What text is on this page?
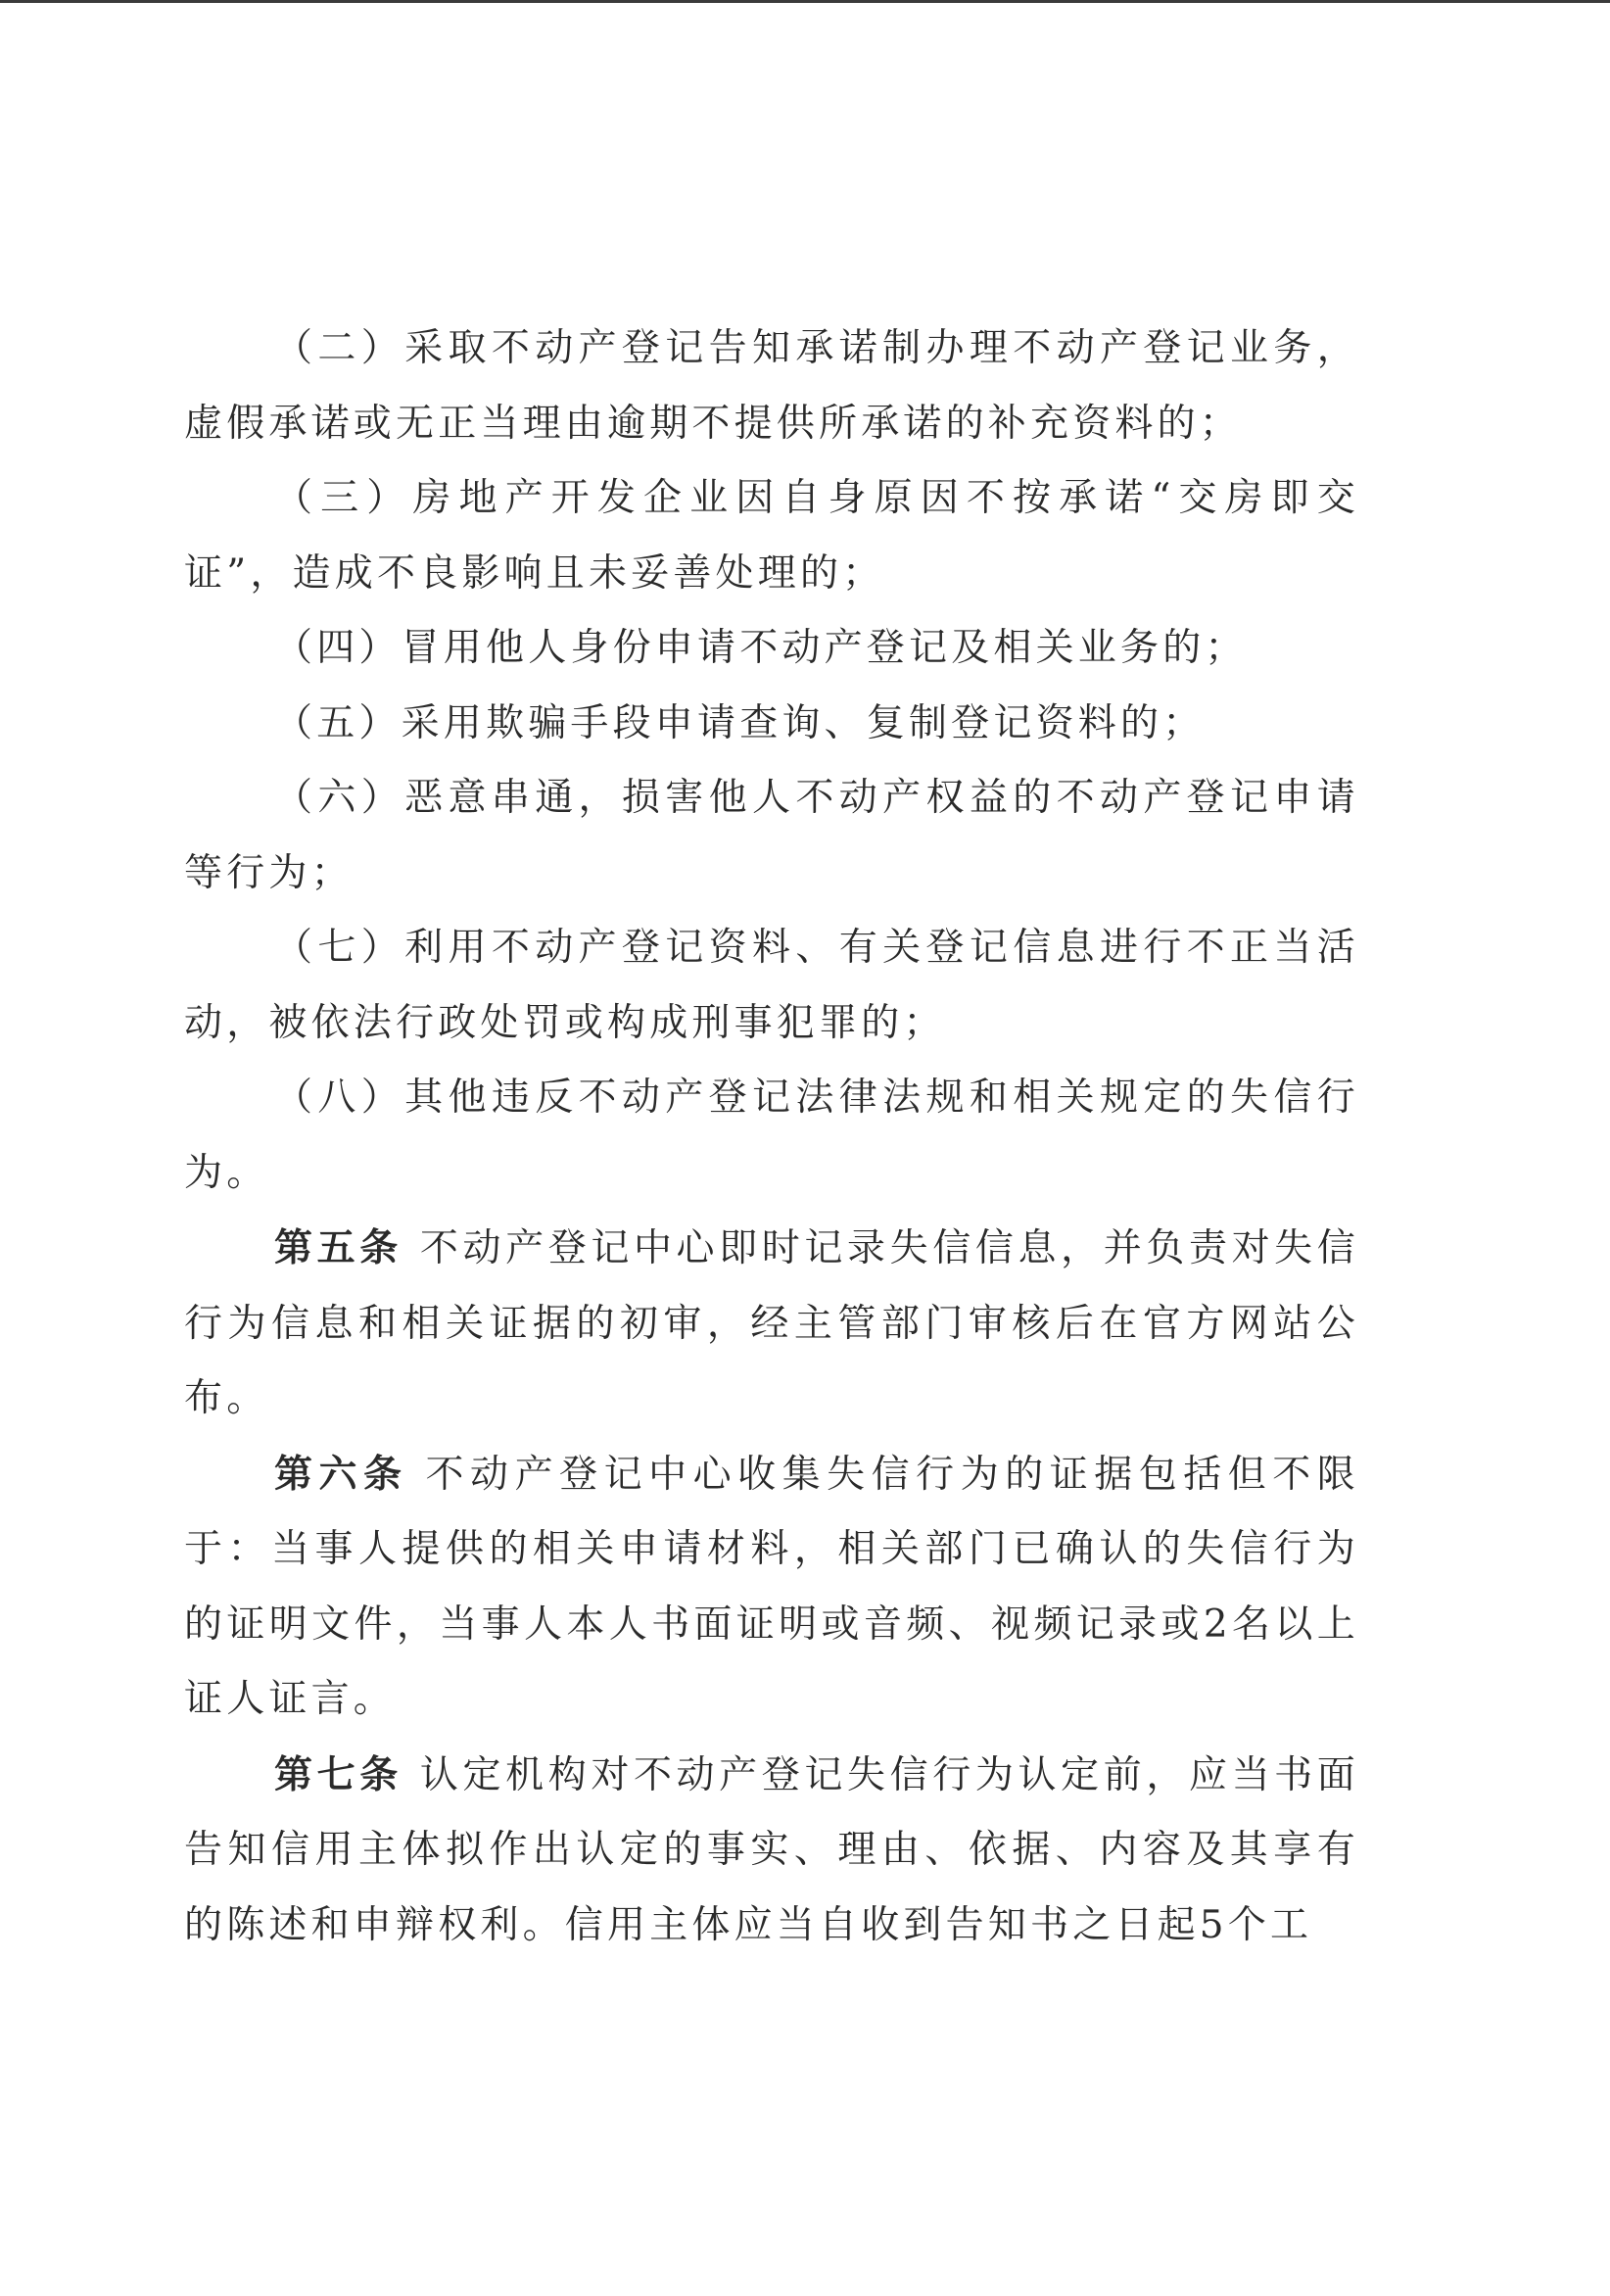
（二）采取不动产登记告知承诺制办理不动产登记业务，虚假承诺或无正当理由逾期不提供所承诺的补充资料的；

（三）房地产开发企业因自身原因不按承诺“交房即交证”，造成不良影响且未妥善处理的；

（四）冒用他人身份申请不动产登记及相关业务的；

（五）采用欺骗手段申请查询、复制登记资料的；

（六）恶意串通，损害他人不动产权益的不动产登记申请等行为；

（七）利用不动产登记资料、有关登记信息进行不正当活动，被依法行政处罚或构成刑事犯罪的；

（八）其他违反不动产登记法律法规和相关规定的失信行为。

第五条 不动产登记中心即时记录失信信息，并负责对失信行为信息和相关证据的初审，经主管部门审核后在官方网站公布。

第六条 不动产登记中心收集失信行为的证据包括但不限于：当事人提供的相关申请材料，相关部门已确认的失信行为的证明文件，当事人本人书面证明或音频、视频记录或2名以上证人证言。

第七条 认定机构对不动产登记失信行为认定前，应当书面告知信用主体拟作出认定的事实、理由、依据、内容及其享有的陈述和申辩权利。信用主体应当自收到告知书之日起5个工
